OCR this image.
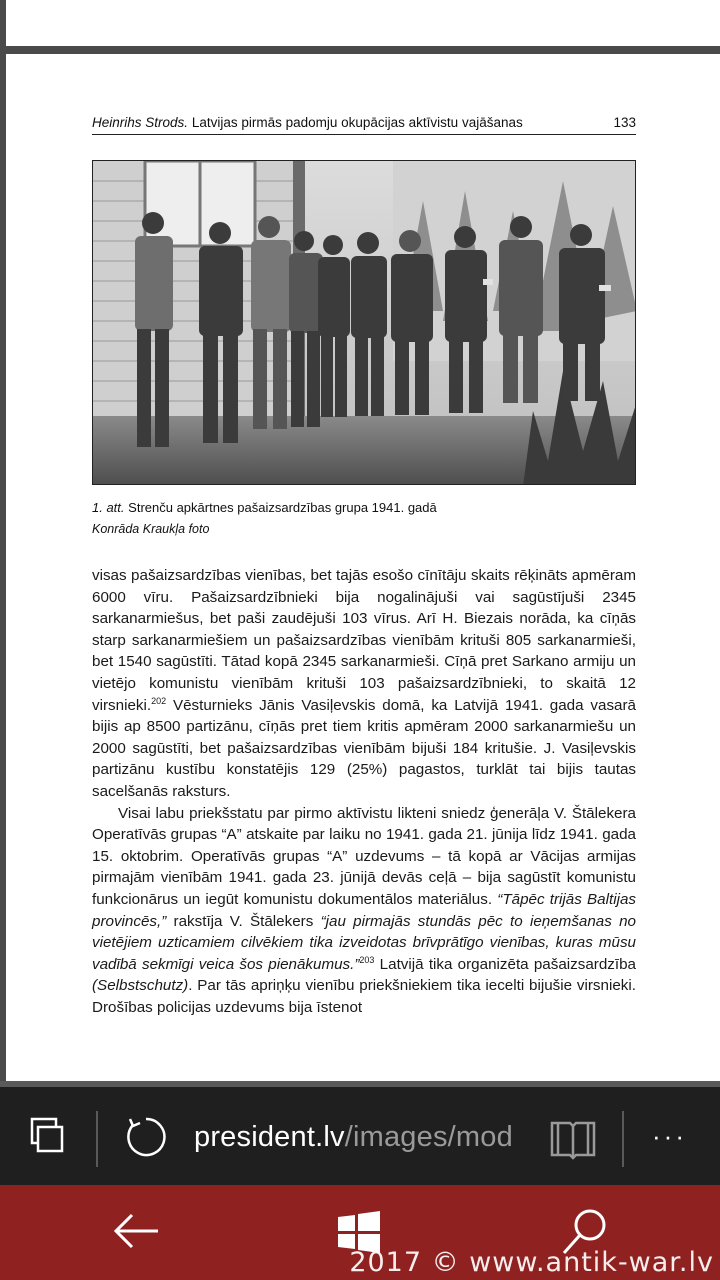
Heinrihs Strods. Latvijas pirmās padomju okupācijas aktīvistu vajāšanas	133
1. att. Strenču apkārtnes pašaizsardzības grupa 1941. gadā
Konrāda Kraukļa foto

visas pašaizsardzības vienības, bet tajās esošo cīnītāju skaits rēķināts apmēram 6000 vīru. Pašaizsardzībnieki bija nogalinājuši vai sagūstījuši 2345 sarkanarmiešus, bet paši zaudējuši 103 vīrus. Arī H. Biezais norāda, ka cīņās starp sarkanarmiešiem un pašaizsardzības vienībām krituši 805 sarkanarmieši, bet 1540 sagūstīti. Tātad kopā 2345 sarkanarmieši. Cīņā pret Sarkano armiju un vietējo komunistu vienībām krituši 103 pašaizsardzībnieki, to skaitā 12 virsnieki.$^{202}$ Vēsturnieks Jānis Vasiļevskis domā, ka Latvijā 1941. gada vasarā bijis ap 8500 partizānu, cīņās pret tiem kritis apmēram 2000 sarkanarmiešu un 2000 sagūstīti, bet pašaizsardzības vienībām bijuši 184 kritušie. J. Vasiļevskis partizānu kustību konstatējis 129 (25%) pagastos, turklāt tai bijis tautas sacelšanās raksturs.

Visai labu priekšstatu par pirmo aktīvistu likteni sniedz ģenerāļa V. Štālekera Operatīvās grupas “A” atskaite par laiku no 1941. gada 21. jūnija līdz 1941. gada 15. oktobrim. Operatīvās grupas “A” uzdevums – tā kopā ar Vācijas armijas pirmajām vienībām 1941. gada 23. jūnijā devās ceļā – bija sagūstīt komunistu funkcionārus un iegūt komunistu dokumentālos materiālus. “Tāpēc trijās Baltijas provincēs,” rakstīja V. Štālekers “jau pirmajās stundās pēc to ieņemšanas no vietējiem uzticamiem cilvēkiem tika izveidotas brīvprātīgo vienības, kuras mūsu vadībā sekmīgi veica šos pienākumus.”$^{203}$ Latvijā tika organizēta pašaizsardzība (Selbstschutz). Par tās apriņķu vienību priekšniekiem tika iecelti bijušie virsnieki. Drošības policijas uzdevums bija īstenot

president.lv/images/mod	···
2017 © www.antik-war.lv
